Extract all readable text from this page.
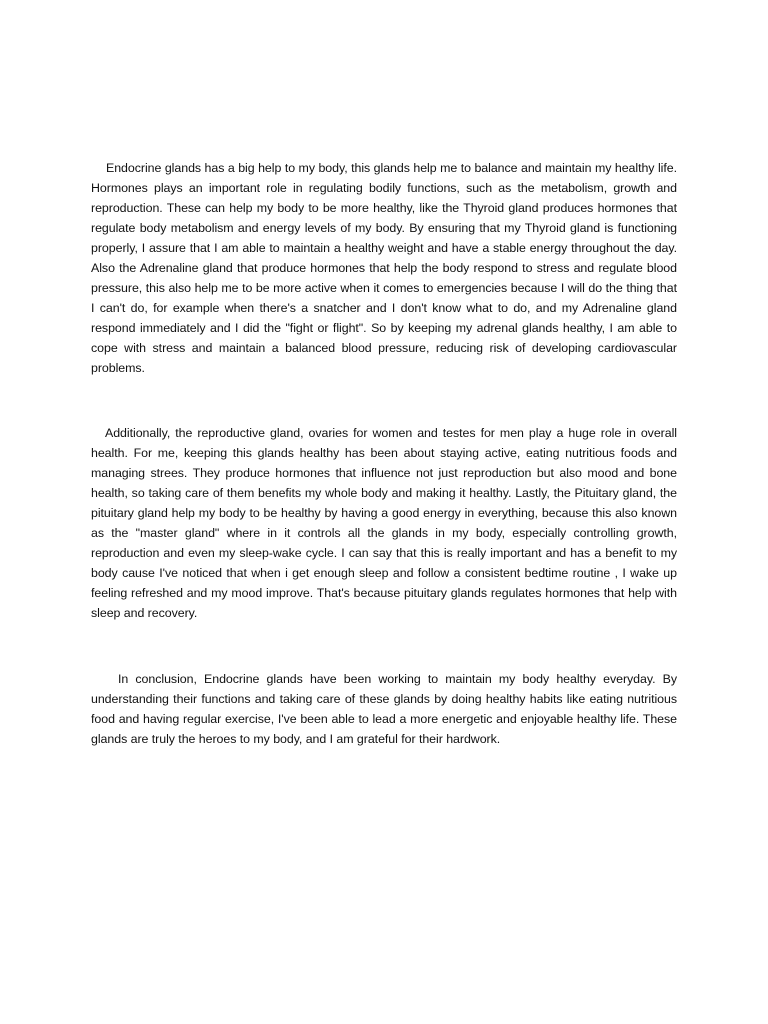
Endocrine glands has a big help to my body, this glands help me to balance and maintain my healthy life. Hormones plays an important role in regulating bodily functions, such as the metabolism, growth and reproduction. These can help my body to be more healthy, like the Thyroid gland produces hormones that regulate body metabolism and energy levels of my body. By ensuring that my Thyroid gland is functioning properly, I assure that I am able to maintain a healthy weight and have a stable energy throughout the day. Also the Adrenaline gland that produce hormones that help the body respond to stress and regulate blood pressure, this also help me to be more active when it comes to emergencies because I will do the thing that I can't do, for example when there's a snatcher and I don't know what to do, and my Adrenaline gland respond immediately and I did the "fight or flight". So by keeping my adrenal glands healthy, I am able to cope with stress and maintain a balanced blood pressure, reducing risk of developing cardiovascular problems.

Additionally, the reproductive gland, ovaries for women and testes for men play a huge role in overall health. For me, keeping this glands healthy has been about staying active, eating nutritious foods and managing strees. They produce hormones that influence not just reproduction but also mood and bone health, so taking care of them benefits my whole body and making it healthy. Lastly, the Pituitary gland, the pituitary gland help my body to be healthy by having a good energy in everything, because this also known as the "master gland" where in it controls all the glands in my body, especially controlling growth, reproduction and even my sleep-wake cycle. I can say that this is really important and has a benefit to my body cause I've noticed that when i get enough sleep and follow a consistent bedtime routine , I wake up feeling refreshed and my mood improve. That's because pituitary glands regulates hormones that help with sleep and recovery.

In conclusion, Endocrine glands have been working to maintain my body healthy everyday. By understanding their functions and taking care of these glands by doing healthy habits like eating nutritious food and having regular exercise, I've been able to lead a more energetic and enjoyable healthy life. These glands are truly the heroes to my body, and I am grateful for their hardwork.
